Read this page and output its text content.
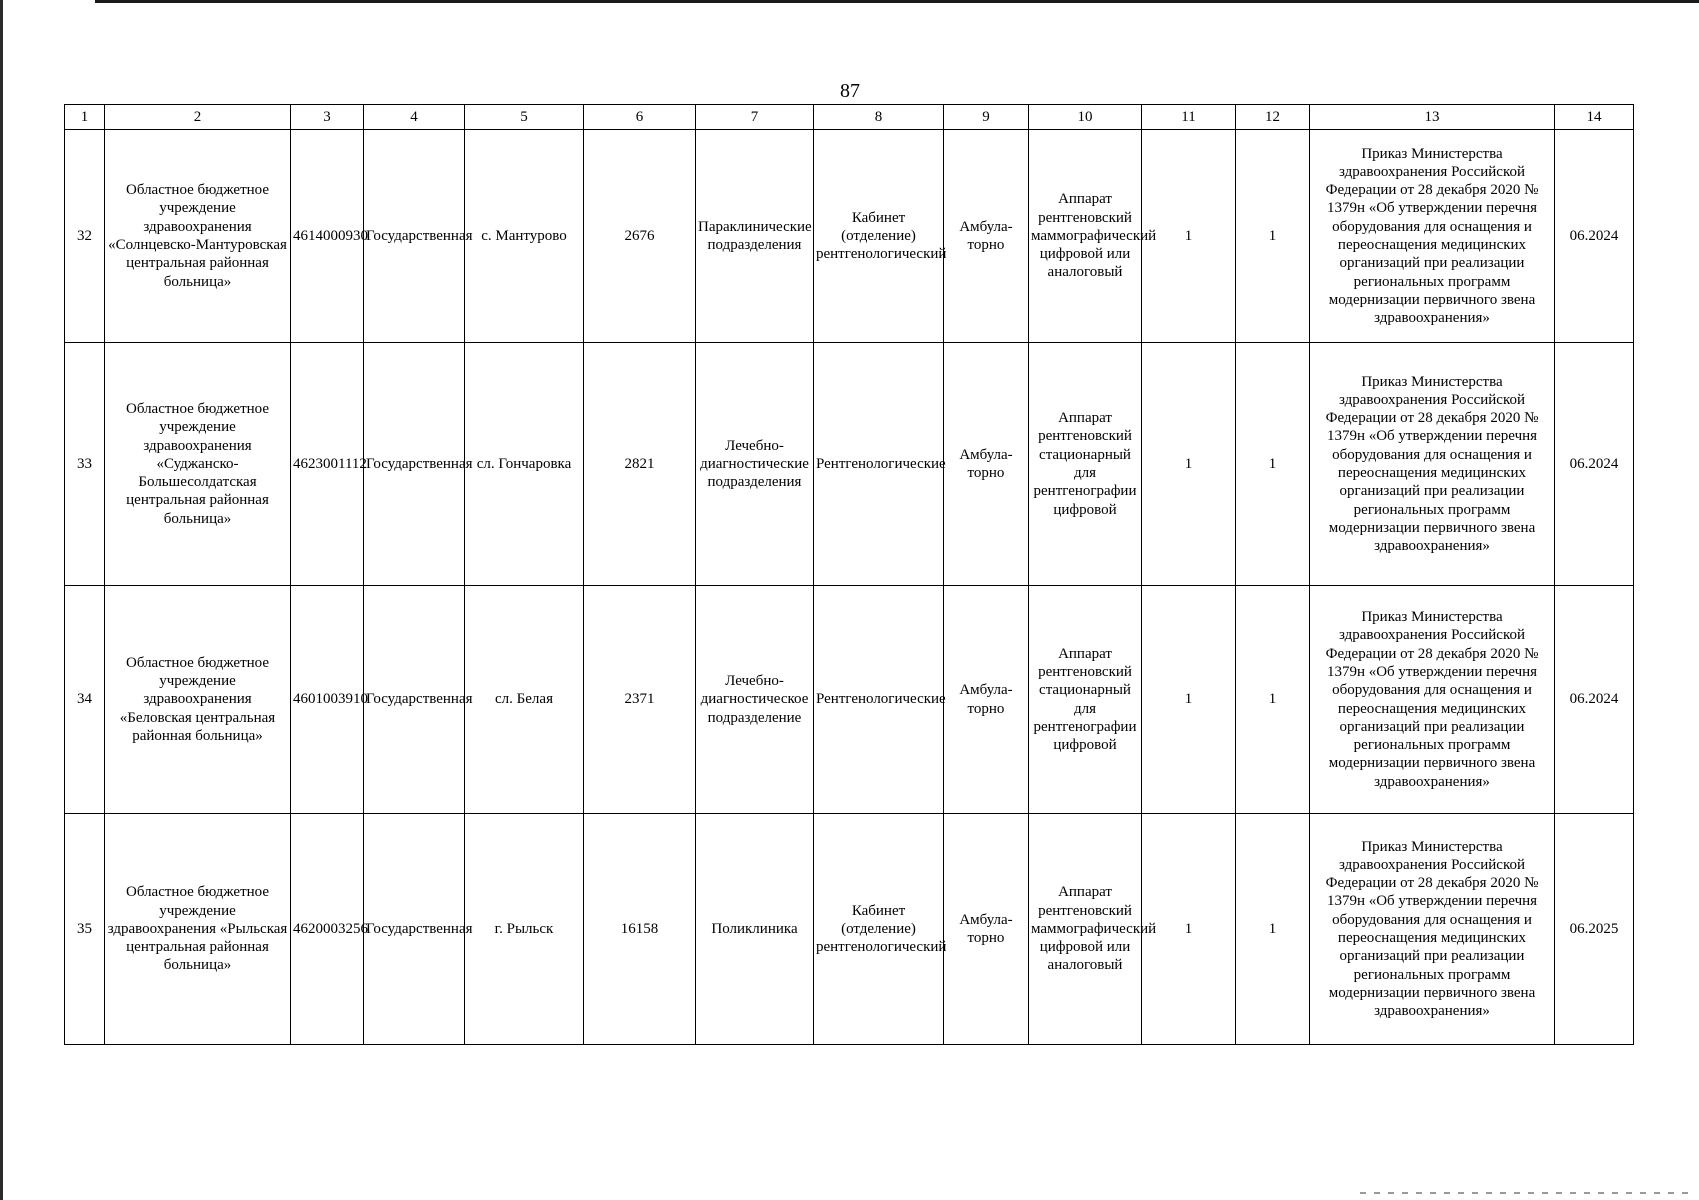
87
1	2	3	4	5	6	7	8	9	10	11	12	13	14
32	Областное бюджетное учреждение здравоохранения «Солнцевско-Мантуровская центральная районная больница»	4614000930	Государственная	с. Мантурово	2676	Параклинические подразделения	Кабинет (отделение) рентгенологический	Амбула-торно	Аппарат рентгеновский маммографический цифровой или аналоговый	1	1	Приказ Министерства здравоохранения Российской Федерации от 28 декабря 2020 № 1379н «Об утверждении перечня оборудования для оснащения и переоснащения медицинских организаций при реализации региональных программ модернизации первичного звена здравоохранения»	06.2024
33	Областное бюджетное учреждение здравоохранения «Суджанско-Большесолдатская центральная районная больница»	4623001112	Государственная	сл. Гончаровка	2821	Лечебно-диагностические подразделения	Рентгенологические	Амбула-торно	Аппарат рентгеновский стационарный для рентгенографии цифровой	1	1	Приказ Министерства здравоохранения Российской Федерации от 28 декабря 2020 № 1379н «Об утверждении перечня оборудования для оснащения и переоснащения медицинских организаций при реализации региональных программ модернизации первичного звена здравоохранения»	06.2024
34	Областное бюджетное учреждение здравоохранения «Беловская центральная районная больница»	4601003910	Государственная	сл. Белая	2371	Лечебно-диагностическое подразделение	Рентгенологические	Амбула-торно	Аппарат рентгеновский стационарный для рентгенографии цифровой	1	1	Приказ Министерства здравоохранения Российской Федерации от 28 декабря 2020 № 1379н «Об утверждении перечня оборудования для оснащения и переоснащения медицинских организаций при реализации региональных программ модернизации первичного звена здравоохранения»	06.2024
35	Областное бюджетное учреждение здравоохранения «Рыльская центральная районная больница»	4620003256	Государственная	г. Рыльск	16158	Поликлиника	Кабинет (отделение) рентгенологический	Амбула-торно	Аппарат рентгеновский маммографический цифровой или аналоговый	1	1	Приказ Министерства здравоохранения Российской Федерации от 28 декабря 2020 № 1379н «Об утверждении перечня оборудования для оснащения и переоснащения медицинских организаций при реализации региональных программ модернизации первичного звена здравоохранения»	06.2025
